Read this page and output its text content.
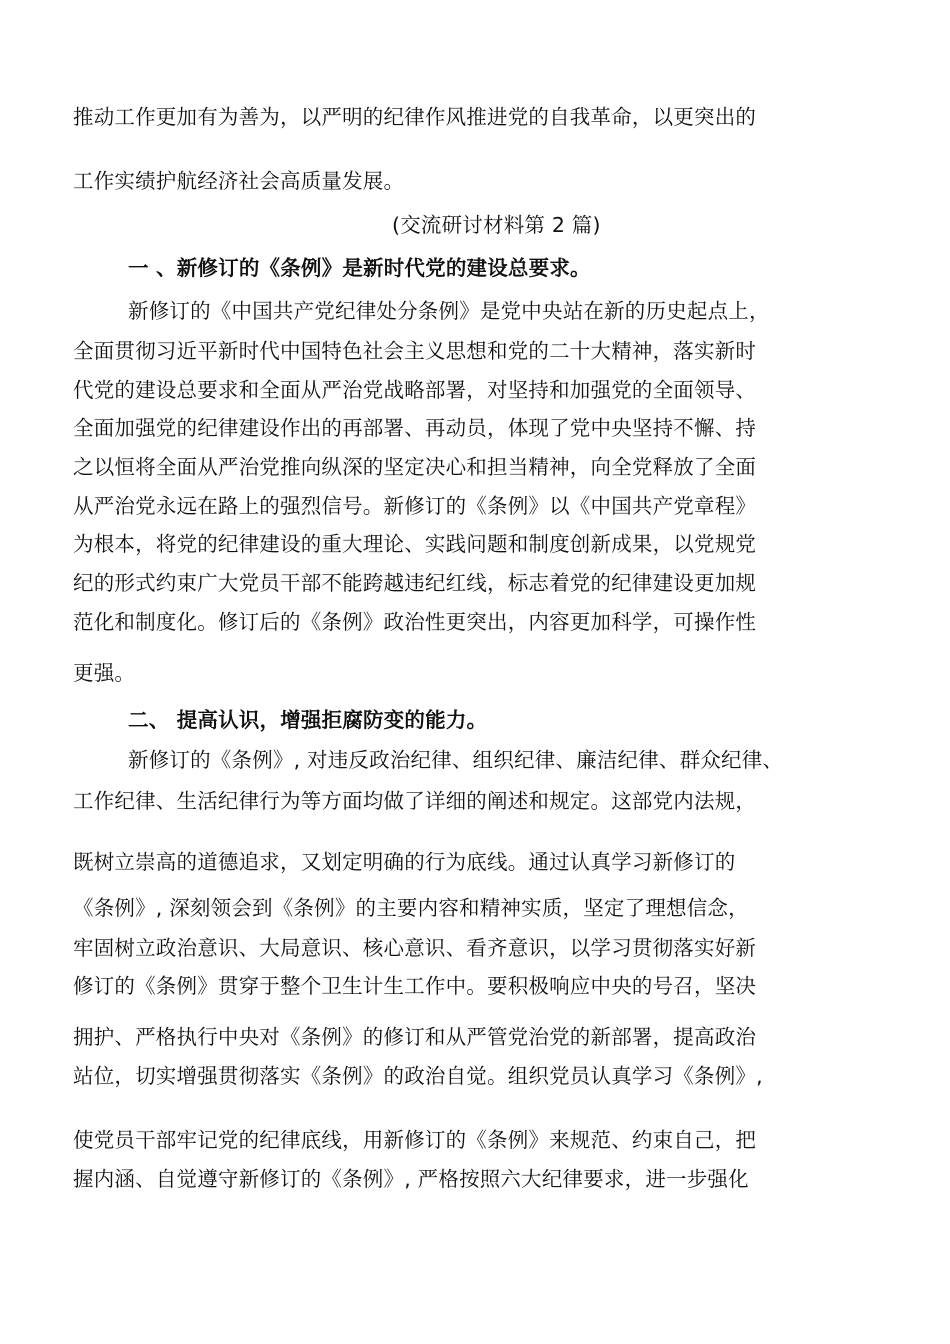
推动工作更加有为善为，以严明的纪律作风推进党的自我革命，以更突出的
工作实绩护航经济社会高质量发展。
(交流研讨材料第 2 篇)
一 、新修订的《条例》是新时代党的建设总要求。
新修订的《中国共产党纪律处分条例》是党中央站在新的历史起点上，
全面贯彻习近平新时代中国特色社会主义思想和党的二十大精神，落实新时
代党的建设总要求和全面从严治党战略部署，对坚持和加强党的全面领导、
全面加强党的纪律建设作出的再部署、再动员，体现了党中央坚持不懈、持
之以恒将全面从严治党推向纵深的坚定决心和担当精神，向全党释放了全面
从严治党永远在路上的强烈信号。新修订的《条例》以《中国共产党章程》
为根本，将党的纪律建设的重大理论、实践问题和制度创新成果，以党规党
纪的形式约束广大党员干部不能跨越违纪红线，标志着党的纪律建设更加规
范化和制度化。修订后的《条例》政治性更突出，内容更加科学，可操作性
更强。
二、 提高认识，增强拒腐防变的能力。
新修订的《条例》, 对违反政治纪律、组织纪律、廉洁纪律、群众纪律、
工作纪律、生活纪律行为等方面均做了详细的阐述和规定。这部党内法规，
既树立崇高的道德追求，又划定明确的行为底线。通过认真学习新修订的
《条例》, 深刻领会到《条例》的主要内容和精神实质，坚定了理想信念，
牢固树立政治意识、大局意识、核心意识、看齐意识，以学习贯彻落实好新
修订的《条例》贯穿于整个卫生计生工作中。要积极响应中央的号召，坚决
拥护、严格执行中央对《条例》的修订和从严管党治党的新部署，提高政治
站位，切实增强贯彻落实《条例》的政治自觉。组织党员认真学习《条例》,
使党员干部牢记党的纪律底线，用新修订的《条例》来规范、约束自己，把
握内涵、自觉遵守新修订的《条例》, 严格按照六大纪律要求，进一步强化
